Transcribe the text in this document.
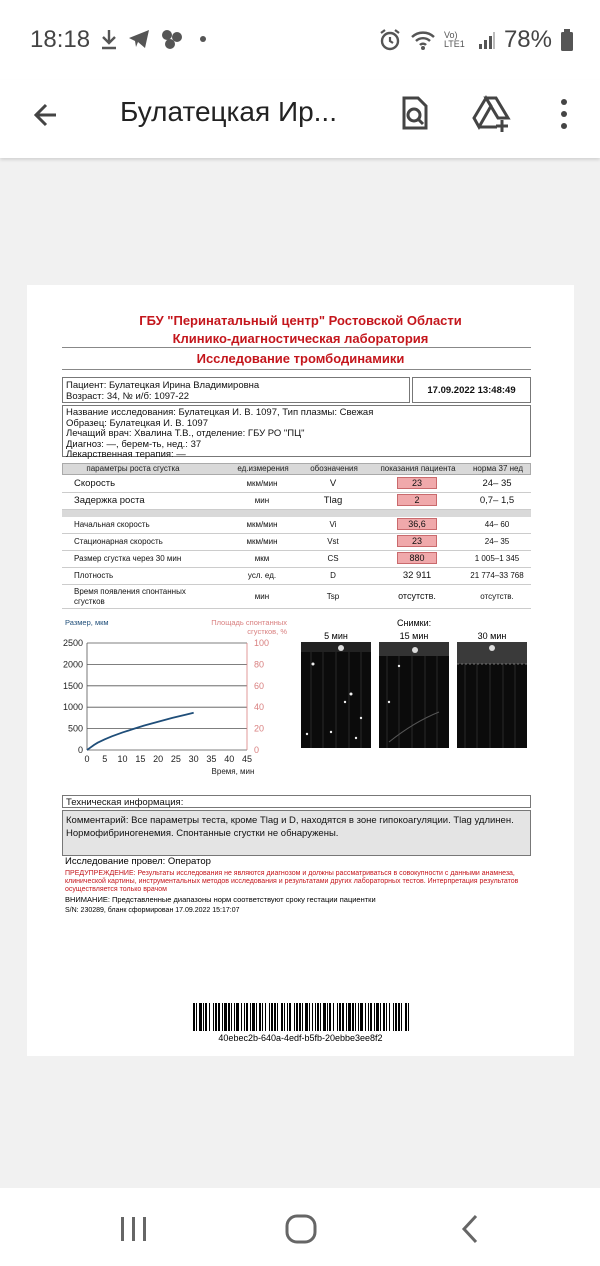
18:18	Vo) LTE1 78%
Булатецкая Ир...
ГБУ "Перинатальный центр" Ростовской Области
Клинико-диагностическая лаборатория
Исследование тромбодинамики
Пациент: Булатецкая Ирина Владимировна
Возраст: 34, № и/б: 1097-22
17.09.2022 13:48:49
Название исследования: Булатецкая И. В. 1097, Тип плазмы: Свежая
Образец: Булатецкая И. В. 1097
Лечащий врач: Хвалина Т.В., отделение: ГБУ РО "ПЦ"
Диагноз: —, берем-ть, нед.: 37
Лекарственная терапия: —
параметры роста сгустка	ед.измерения	обозначения	показания пациента	норма 37 нед
Скорость	мкм/мин	V	23	24– 35
Задержка роста	мин	Tlag	2	0,7– 1,5
Начальная скорость	мкм/мин	Vi	36,6	44– 60
Стационарная скорость	мкм/мин	Vst	23	24– 35
Размер сгустка через 30 мин	мкм	CS	880	1 005–1 345
Плотность	усл. ед.	D	32 911	21 774–33 768
Время появления спонтанных
сгустков
мин	Tsp	отсутств.	отсутств.
Размер, мкм	Площадь спонтанных сгустков, %
0
500
1000
1500
2000
2500
0
20
40
60
80
100
0 5 10 15 20 25 30 35 40 45
Время, мин
Снимки:
5 мин	15 мин	30 мин
Техническая информация:
Комментарий: Все параметры теста, кроме Tlag и D, находятся в зоне гипокоагуляции. Tlag удлинен. Нормофибриногенемия. Спонтанные сгустки не обнаружены.
Исследование провел: Оператор
ПРЕДУПРЕЖДЕНИЕ: Результаты исследования не являются диагнозом и должны рассматриваться в совокупности с данными анамнеза, клинической картины, инструментальных методов исследования и результатами других лабораторных тестов. Интерпретация результатов осуществляется только врачом
ВНИМАНИЕ: Представленные диапазоны норм соответствуют сроку гестации пациентки
S/N: 230289, бланк сформирован 17.09.2022 15:17:07
40ebec2b-640a-4edf-b5fb-20ebbe3ee8f2
